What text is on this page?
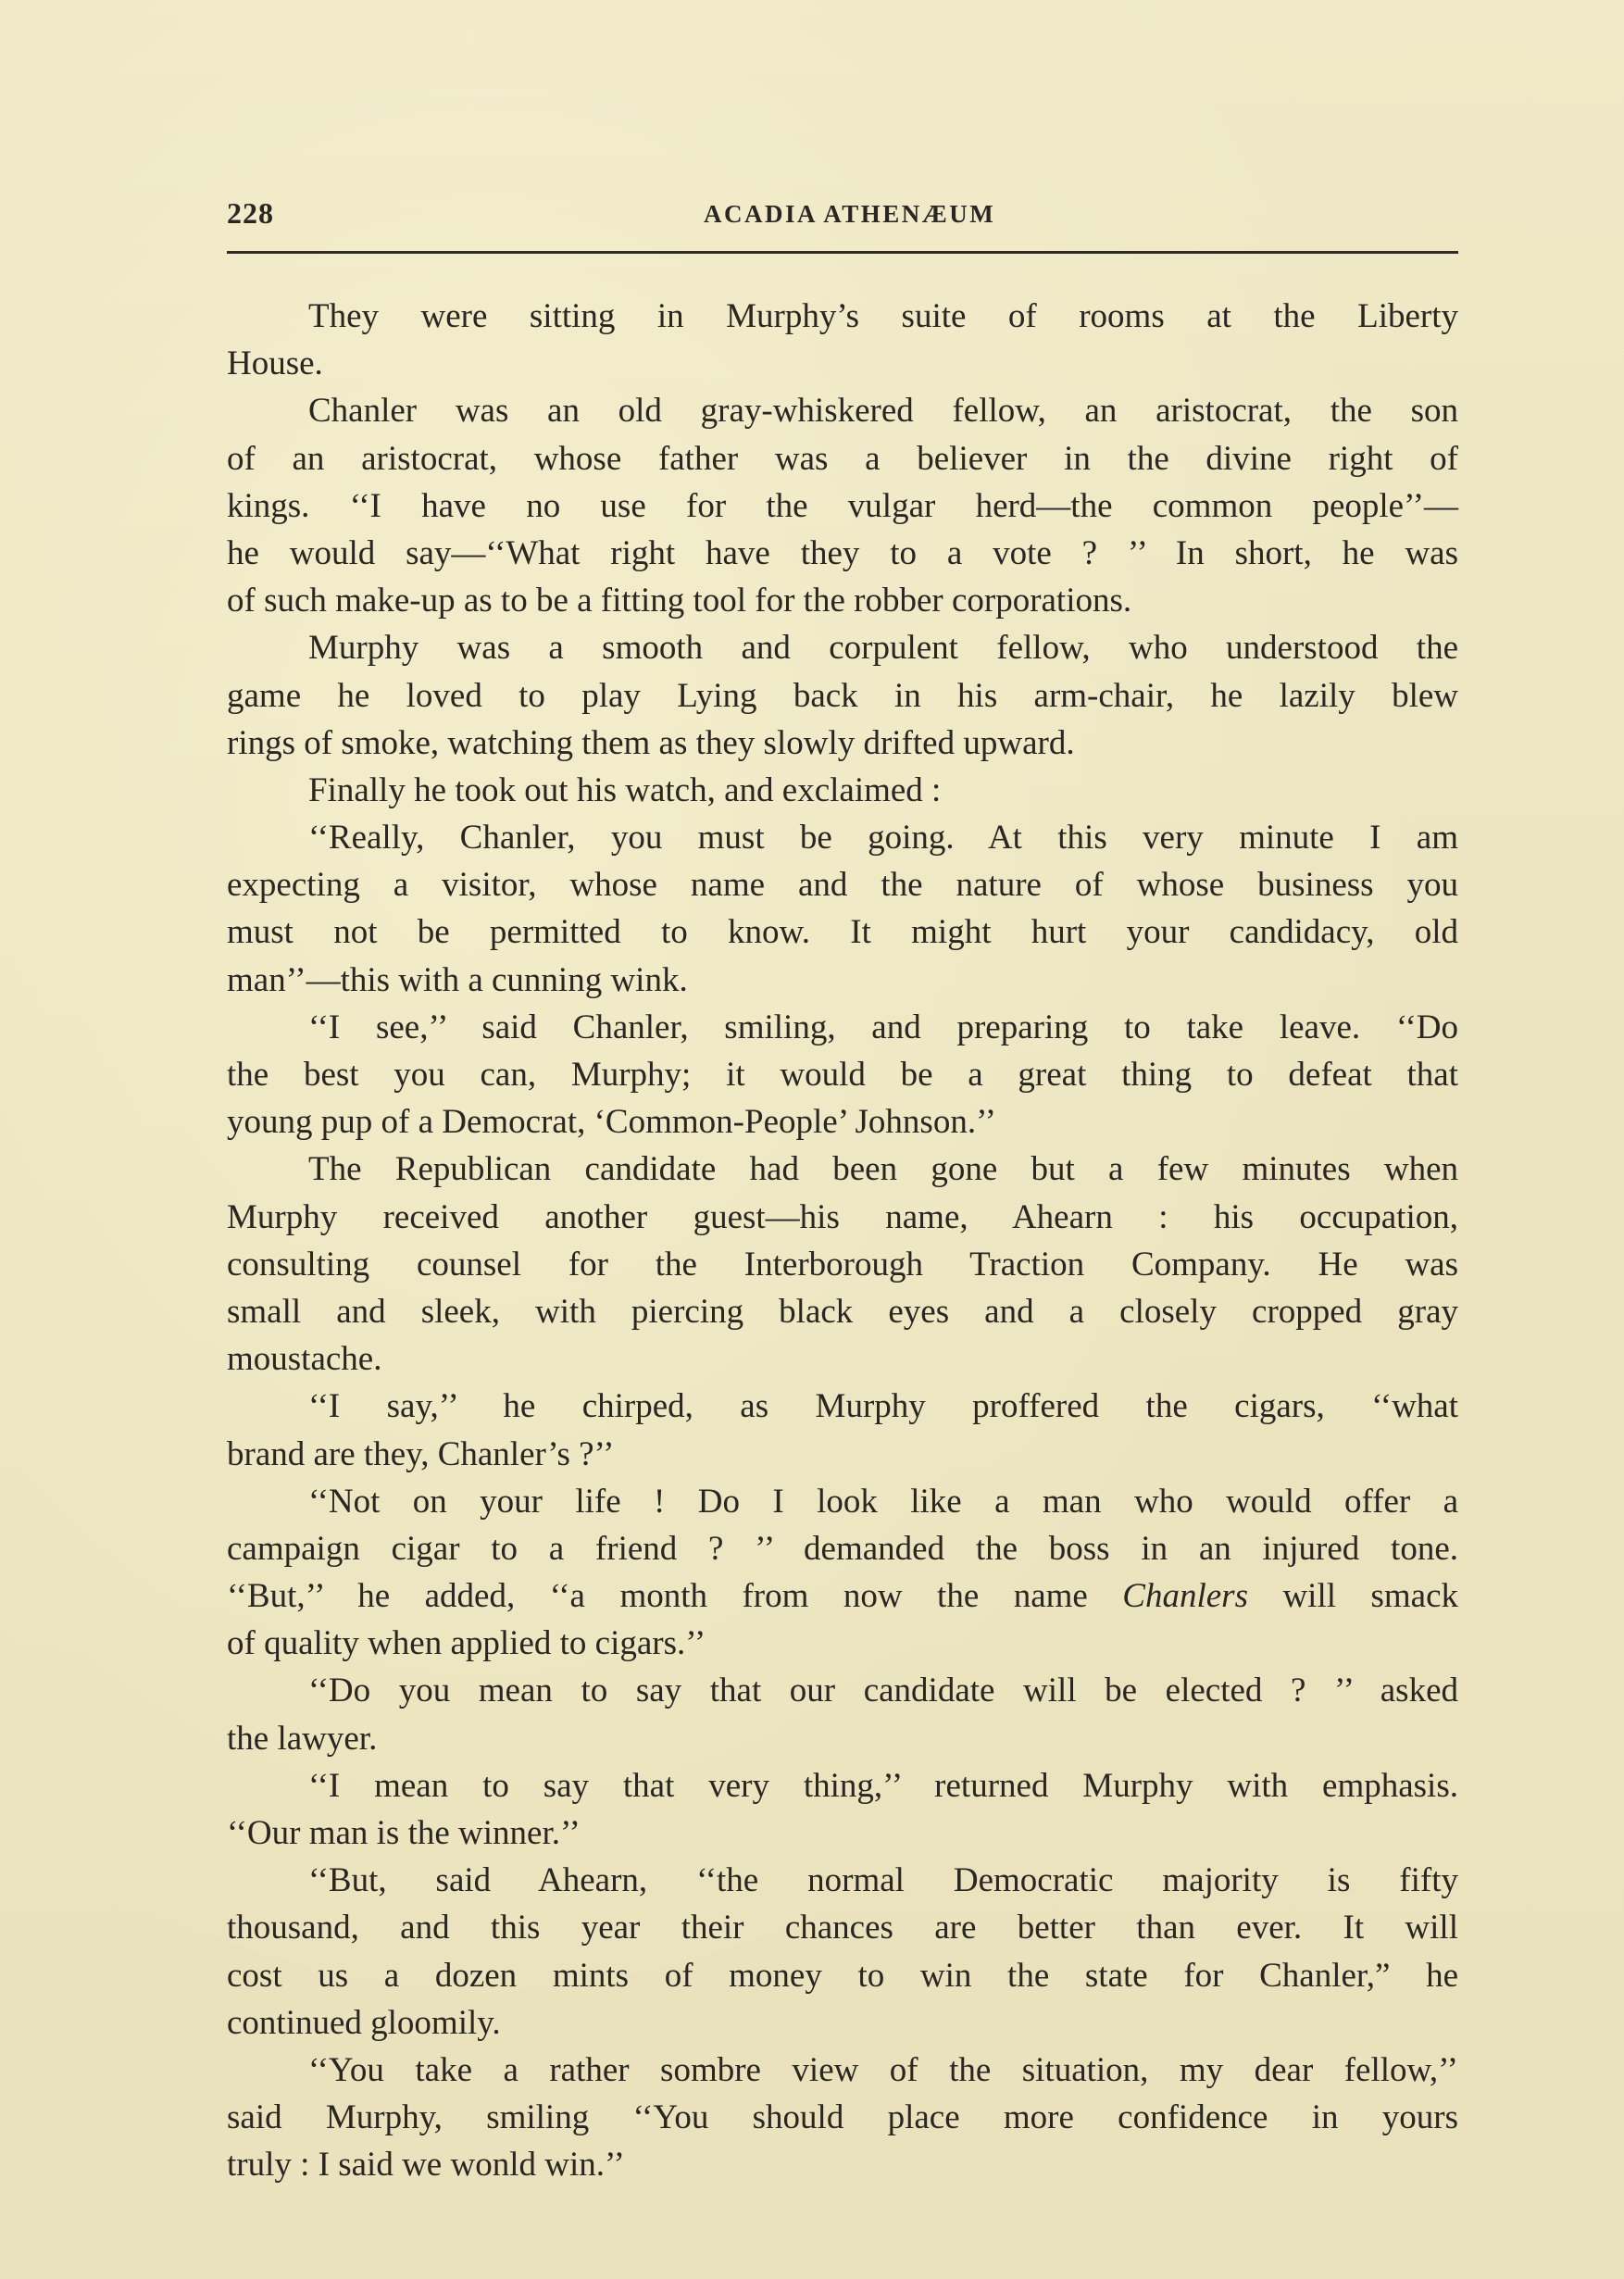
228	ACADIA ATHENÆUM
They were sitting in Murphy’s suite of rooms at the Liberty
House.
Chanler was an old gray-whiskered fellow, an aristocrat, the son
of an aristocrat, whose father was a believer in the divine right of
kings. ‘‘I have no use for the vulgar herd—the common people’’—
he would say—‘‘What right have they to a vote ? ’’ In short, he was
of such make-up as to be a fitting tool for the robber corporations.
Murphy was a smooth and corpulent fellow, who understood the
game he loved to play Lying back in his arm-chair, he lazily blew
rings of smoke, watching them as they slowly drifted upward.
Finally he took out his watch, and exclaimed :
‘‘Really, Chanler, you must be going. At this very minute I am
expecting a visitor, whose name and the nature of whose business you
must not be permitted to know. It might hurt your candidacy, old
man’’—this with a cunning wink.
‘‘I see,’’ said Chanler, smiling, and preparing to take leave. ‘‘Do
the best you can, Murphy; it would be a great thing to defeat that
young pup of a Democrat, ‘Common-People’ Johnson.’’
The Republican candidate had been gone but a few minutes when
Murphy received another guest—his name, Ahearn : his occupation,
consulting counsel for the Interborough Traction Company. He was
small and sleek, with piercing black eyes and a closely cropped gray
moustache.
‘‘I say,’’ he chirped, as Murphy proffered the cigars, ‘‘what
brand are they, Chanler’s ?’’
‘‘Not on your life ! Do I look like a man who would offer a
campaign cigar to a friend ? ’’ demanded the boss in an injured tone.
‘‘But,’’ he added, ‘‘a month from now the name Chanlers will smack
of quality when applied to cigars.’’
‘‘Do you mean to say that our candidate will be elected ? ’’ asked
the lawyer.
‘‘I mean to say that very thing,’’ returned Murphy with emphasis.
‘‘Our man is the winner.’’
‘‘But, said Ahearn, ‘‘the normal Democratic majority is fifty
thousand, and this year their chances are better than ever. It will
cost us a dozen mints of money to win the state for Chanler,” he
continued gloomily.
‘‘You take a rather sombre view of the situation, my dear fellow,’’
said Murphy, smiling ‘‘You should place more confidence in yours
truly : I said we wonld win.’’
